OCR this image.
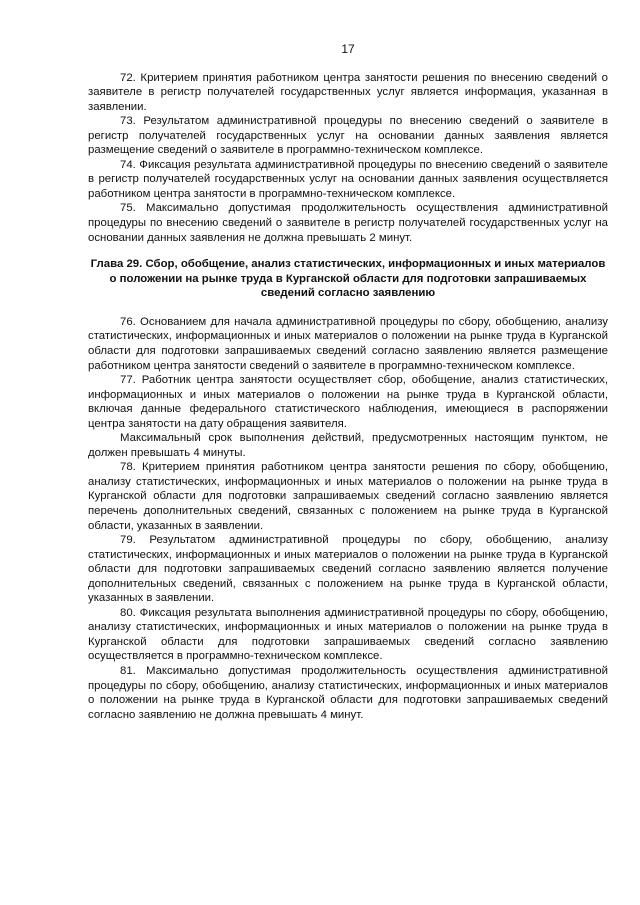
17

72. Критерием принятия работником центра занятости решения по внесению сведений о заявителе в регистр получателей государственных услуг является информация, указанная в заявлении.

73. Результатом административной процедуры по внесению сведений о заявителе в регистр получателей государственных услуг на основании данных заявления является размещение сведений о заявителе в программно-техническом комплексе.

74. Фиксация результата административной процедуры по внесению сведений о заявителе в регистр получателей государственных услуг на основании данных заявления осуществляется работником центра занятости в программно-техническом комплексе.

75. Максимально допустимая продолжительность осуществления административной процедуры по внесению сведений о заявителе в регистр получателей государственных услуг на основании данных заявления не должна превышать 2 минут.

Глава 29. Сбор, обобщение, анализ статистических, информационных и иных материалов о положении на рынке труда в Курганской области для подготовки запрашиваемых сведений согласно заявлению

76. Основанием для начала административной процедуры по сбору, обобщению, анализу статистических, информационных и иных материалов о положении на рынке труда в Курганской области для подготовки запрашиваемых сведений согласно заявлению является размещение работником центра занятости сведений о заявителе в программно-техническом комплексе.

77. Работник центра занятости осуществляет сбор, обобщение, анализ статистических, информационных и иных материалов о положении на рынке труда в Курганской области, включая данные федерального статистического наблюдения, имеющиеся в распоряжении центра занятости на дату обращения заявителя.

Максимальный срок выполнения действий, предусмотренных настоящим пунктом, не должен превышать 4 минуты.

78. Критерием принятия работником центра занятости решения по сбору, обобщению, анализу статистических, информационных и иных материалов о положении на рынке труда в Курганской области для подготовки запрашиваемых сведений согласно заявлению является перечень дополнительных сведений, связанных с положением на рынке труда в Курганской области, указанных в заявлении.

79. Результатом административной процедуры по сбору, обобщению, анализу статистических, информационных и иных материалов о положении на рынке труда в Курганской области для подготовки запрашиваемых сведений согласно заявлению является получение дополнительных сведений, связанных с положением на рынке труда в Курганской области, указанных в заявлении.

80. Фиксация результата выполнения административной процедуры по сбору, обобщению, анализу статистических, информационных и иных материалов о положении на рынке труда в Курганской области для подготовки запрашиваемых сведений согласно заявлению осуществляется в программно-техническом комплексе.

81. Максимально допустимая продолжительность осуществления административной процедуры по сбору, обобщению, анализу статистических, информационных и иных материалов о положении на рынке труда в Курганской области для подготовки запрашиваемых сведений согласно заявлению не должна превышать 4 минут.
